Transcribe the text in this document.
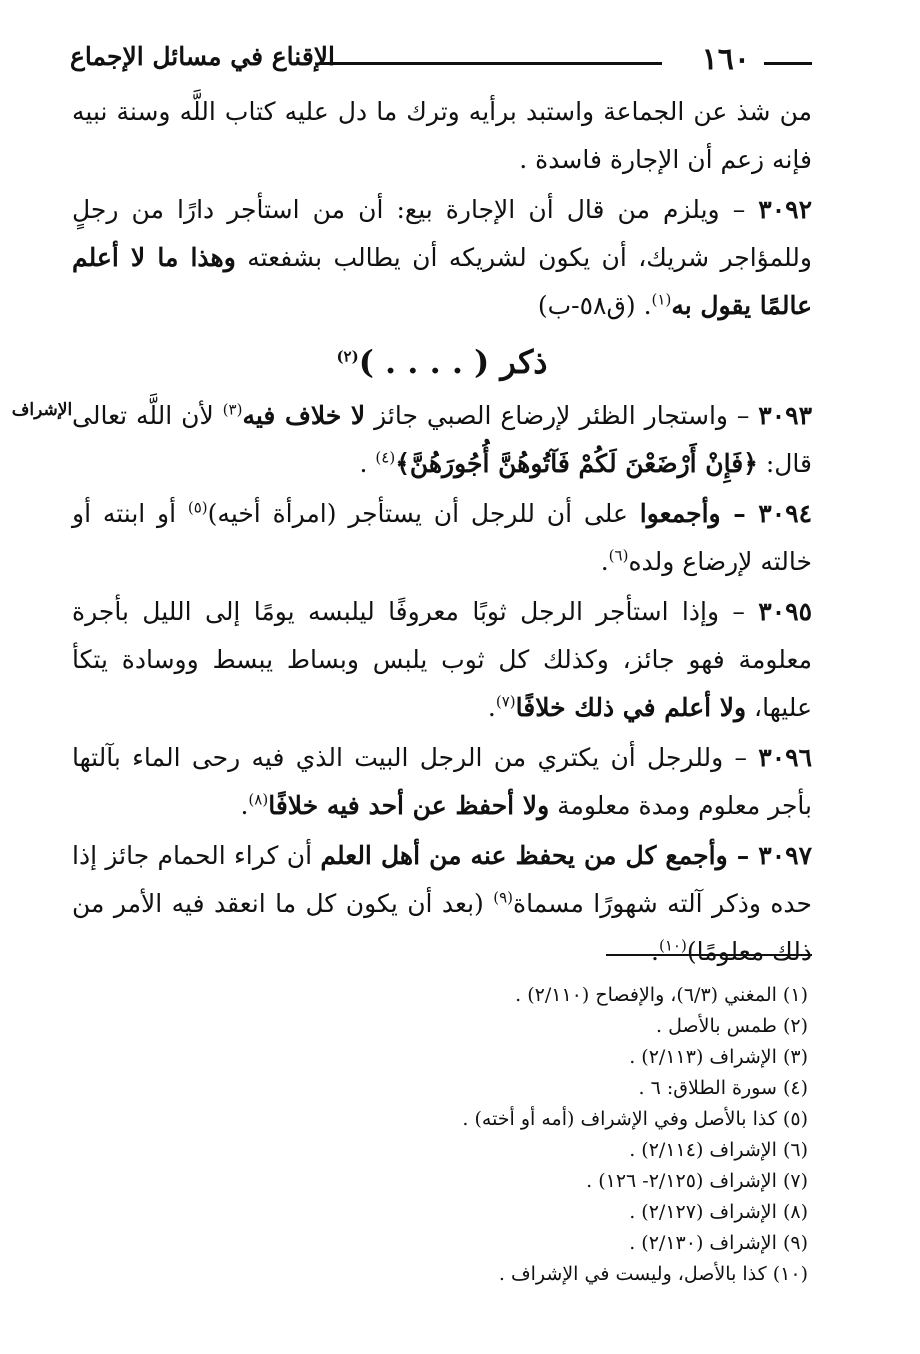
١٦٠
الإقناع في مسائل الإجماع
الإشراف

من شذ عن الجماعة واستبد برأيه وترك ما دل عليه كتاب اللَّه وسنة نبيه فإنه زعم أن الإجارة فاسدة .

٣٠٩٢ – ويلزم من قال أن الإجارة بيع: أن من استأجر دارًا من رجلٍ وللمؤاجر شريك، أن يكون لشريكه أن يطالب بشفعته وهذا ما لا أعلم عالمًا يقول به$^{(١)}$. (ق٥٨-ب)

ذكر ( . . . . )$^{(٢)}$

٣٠٩٣ – واستجار الظئر لإرضاع الصبي جائز لا خلاف فيه$^{(٣)}$ لأن اللَّه تعالى قال: ﴿فَإِنْ أَرْضَعْنَ لَكُمْ فَآتُوهُنَّ أُجُورَهُنَّ﴾$^{(٤)}$ .

٣٠٩٤ – وأجمعوا على أن للرجل أن يستأجر (امرأة أخيه)$^{(٥)}$ أو ابنته أو خالته لإرضاع ولده$^{(٦)}$.

٣٠٩٥ – وإذا استأجر الرجل ثوبًا معروفًا ليلبسه يومًا إلى الليل بأجرة معلومة فهو جائز، وكذلك كل ثوب يلبس وبساط يبسط ووسادة يتكأ عليها، ولا أعلم في ذلك خلافًا$^{(٧)}$.

٣٠٩٦ – وللرجل أن يكتري من الرجل البيت الذي فيه رحى الماء بآلتها بأجر معلوم ومدة معلومة ولا أحفظ عن أحد فيه خلافًا$^{(٨)}$.

٣٠٩٧ – وأجمع كل من يحفظ عنه من أهل العلم أن كراء الحمام جائز إذا حده وذكر آلته شهورًا مسماة$^{(٩)}$ (بعد أن يكون كل ما انعقد فيه الأمر من ذلك معلومًا)$^{(١٠)}$.

(١) المغني (٦/٣)، والإفصاح (٢/١١٠) .

(٢) طمس بالأصل .

(٣) الإشراف (٢/١١٣) .

(٤) سورة الطلاق: ٦ .

(٥) كذا بالأصل وفي الإشراف (أمه أو أخته) .

(٦) الإشراف (٢/١١٤) .

(٧) الإشراف (٢/١٢٥- ١٢٦) .

(٨) الإشراف (٢/١٢٧) .

(٩) الإشراف (٢/١٣٠) .

(١٠) كذا بالأصل، وليست في الإشراف .
